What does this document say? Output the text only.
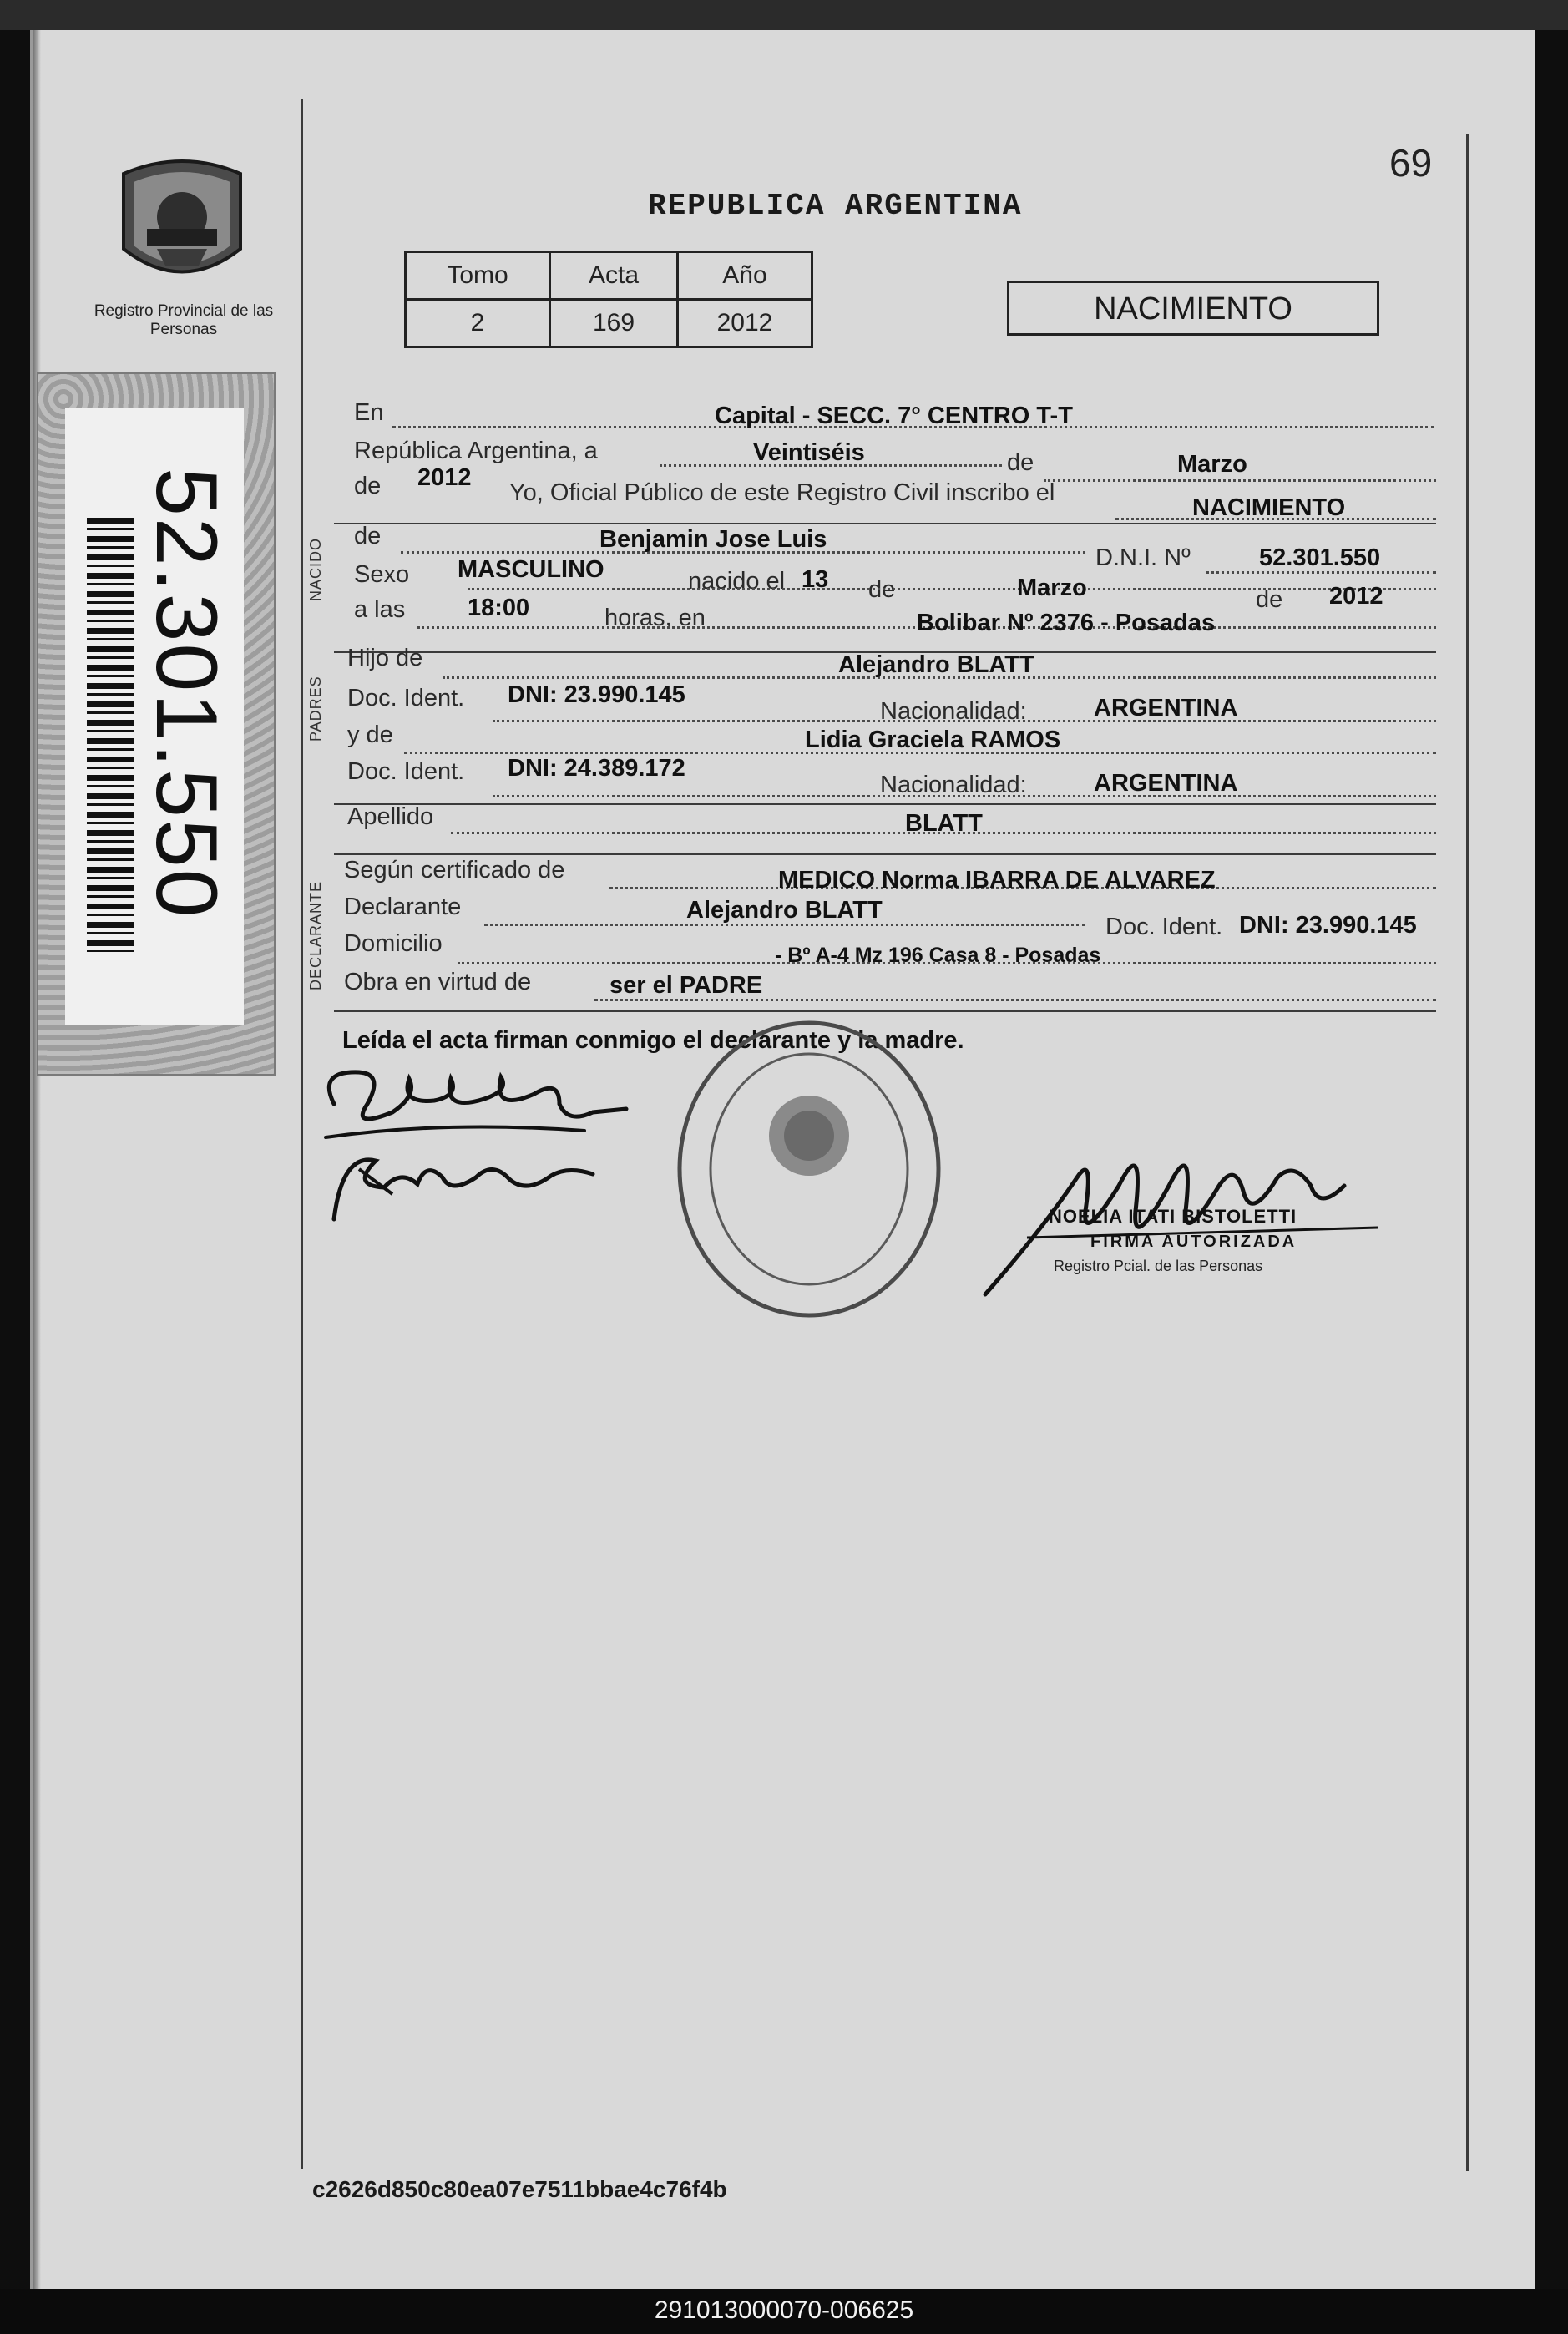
69
Registro Provincial de las Personas
REPUBLICA ARGENTINA
Tomo	Acta	Año
2	169	2012	NACIMIENTO
52.301.550	NACIDO
PADRES
DECLARANTE
En	Capital - SECC. 7° CENTRO T-T
República Argentina, a	Veintiséis	de	Marzo
de 2012
Yo, Oficial Público de este Registro Civil inscribo el
NACIMIENTO
de	Benjamin Jose Luis
D.N.I. Nº	52.301.550
Sexo MASCULINO	nacido el 13 de	Marzo	de 2012
a las	18:00	horas, en	Bolibar Nº 2376 - Posadas
Hijo de	Alejandro BLATT
Doc. Ident. DNI: 23.990.145
Nacionalidad:	ARGENTINA
y de	Lidia Graciela RAMOS
Doc. Ident. DNI: 24.389.172
Nacionalidad:	ARGENTINA
Apellido	BLATT
Según certificado de	MEDICO Norma IBARRA DE ALVAREZ
Declarante	Alejandro BLATT
Doc. Ident. DNI: 23.990.145
Domicilio	- Bº A-4 Mz 196 Casa 8 - Posadas
Obra en virtud de	ser el PADRE
Leída el acta firman conmigo el declarante y la madre.
NOELIA ITATI BISTOLETTI
FIRMA AUTORIZADA
Registro Pcial. de las Personas
c2626d850c80ea07e7511bbae4c76f4b
291013000070-006625
